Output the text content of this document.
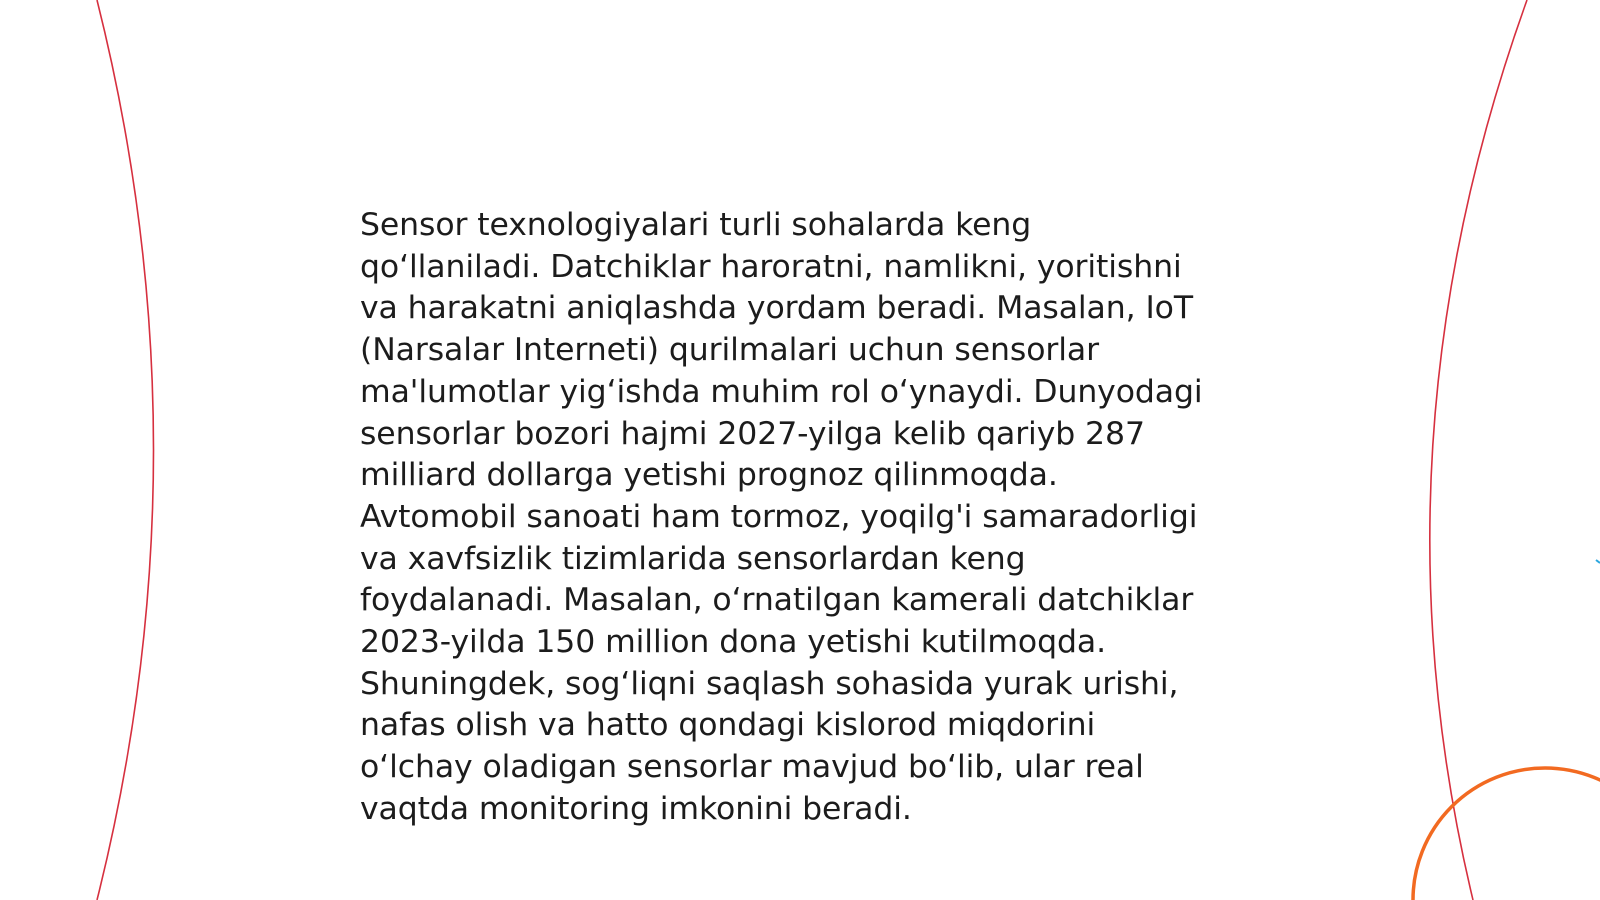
Sensor texnologiyalari turli sohalarda keng
qo‘llaniladi. Datchiklar haroratni, namlikni, yoritishni
va harakatni aniqlashda yordam beradi. Masalan, IoT
(Narsalar Interneti) qurilmalari uchun sensorlar
ma'lumotlar yig‘ishda muhim rol o‘ynaydi. Dunyodagi
sensorlar bozori hajmi 2027-yilga kelib qariyb 287
milliard dollarga yetishi prognoz qilinmoqda.
Avtomobil sanoati ham tormoz, yoqilg'i samaradorligi
va xavfsizlik tizimlarida sensorlardan keng
foydalanadi. Masalan, o‘rnatilgan kamerali datchiklar
2023-yilda 150 million dona yetishi kutilmoqda.
Shuningdek, sog‘liqni saqlash sohasida yurak urishi,
nafas olish va hatto qondagi kislorod miqdorini
o‘lchay oladigan sensorlar mavjud bo‘lib, ular real
vaqtda monitoring imkonini beradi.
